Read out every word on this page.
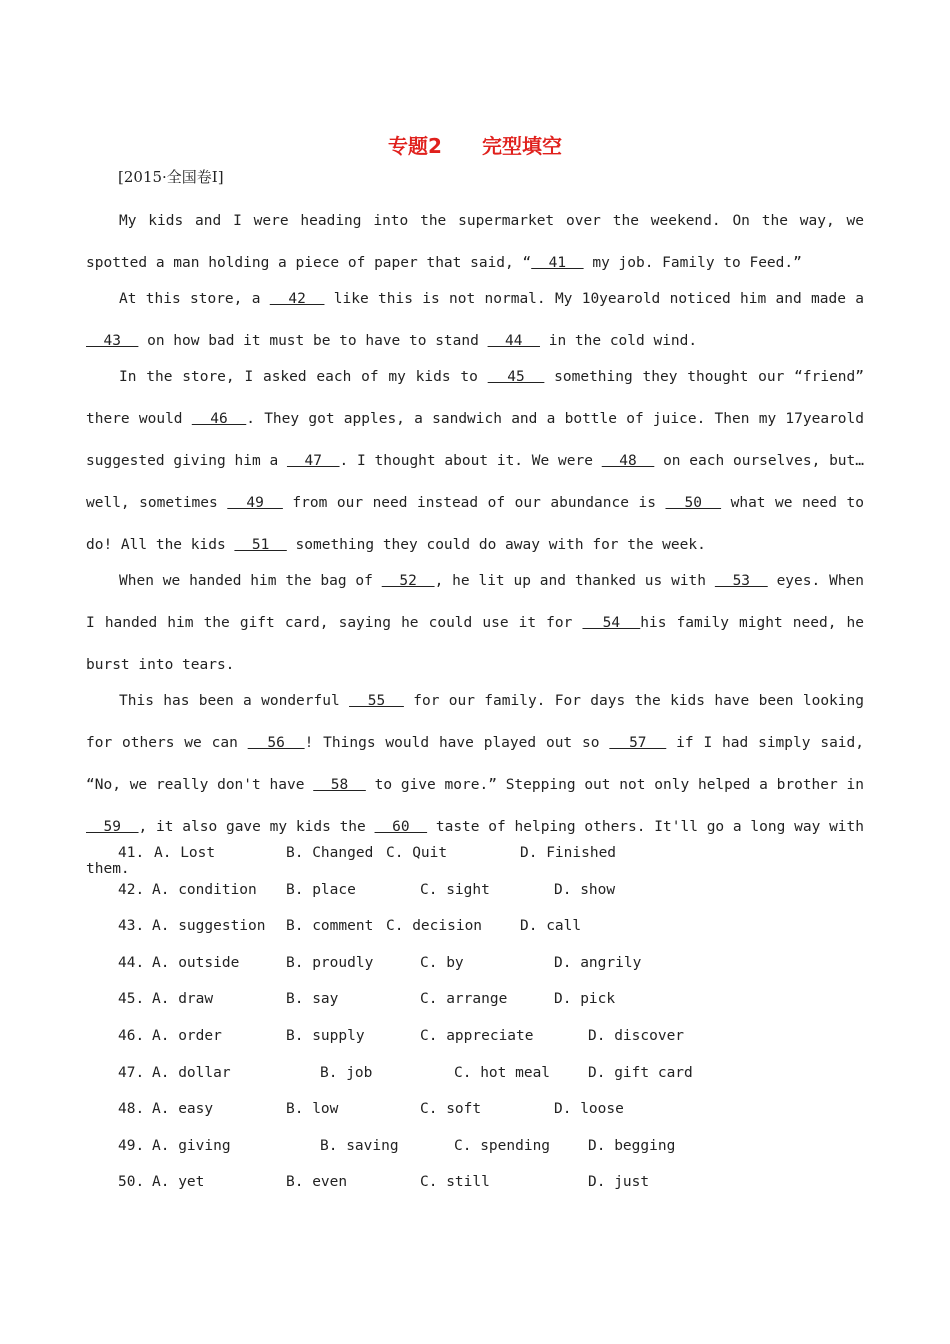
专题2 完型填空
[2015·全国卷Ⅰ]

My kids and I were heading into the supermarket over the weekend. On the way, we spotted a man holding a piece of paper that said, “  41   my job. Family to Feed.”

At this store, a   42   like this is not normal. My 10yearold noticed him and made a   43   on how bad it must be to have to stand   44   in the cold wind.

In the store, I asked each of my kids to   45   something they thought our “friend” there would   46  . They got apples, a sandwich and a bottle of juice. Then my 17yearold suggested giving him a   47  . I thought about it. We were   48   on each ourselves, but… well, sometimes   49   from our need instead of our abundance is   50   what we need to do! All the kids   51   something they could do away with for the week.

When we handed him the bag of   52  , he lit up and thanked us with   53   eyes. When I handed him the gift card, saying he could use it for   54  his family might need, he burst into tears.

This has been a wonderful   55   for our family. For days the kids have been looking for others we can   56  ! Things would have played out so   57   if I had simply said, “No, we really don't have   58   to give more.” Stepping out not only helped a brother in   59  , it also gave my kids the   60   taste of helping others. It'll go a long way with them.

41. A. Lost	B. Changed C. Quit	D. Finished
42. A. condition B. place	C. sight	D. show
43. A. suggestion B. comment C. decision	D. call
44. A. outside	B. proudly	C. by	D. angrily
45. A. draw	B. say	C. arrange	D. pick
46. A. order	B. supply	C. appreciate	D. discover
47. A. dollar	B. job	C. hot meal	D. gift card
48. A. easy	B. low	C. soft	D. loose
49. A. giving	B. saving	C. spending	D. begging
50. A. yet	B. even	C. still	D. just
